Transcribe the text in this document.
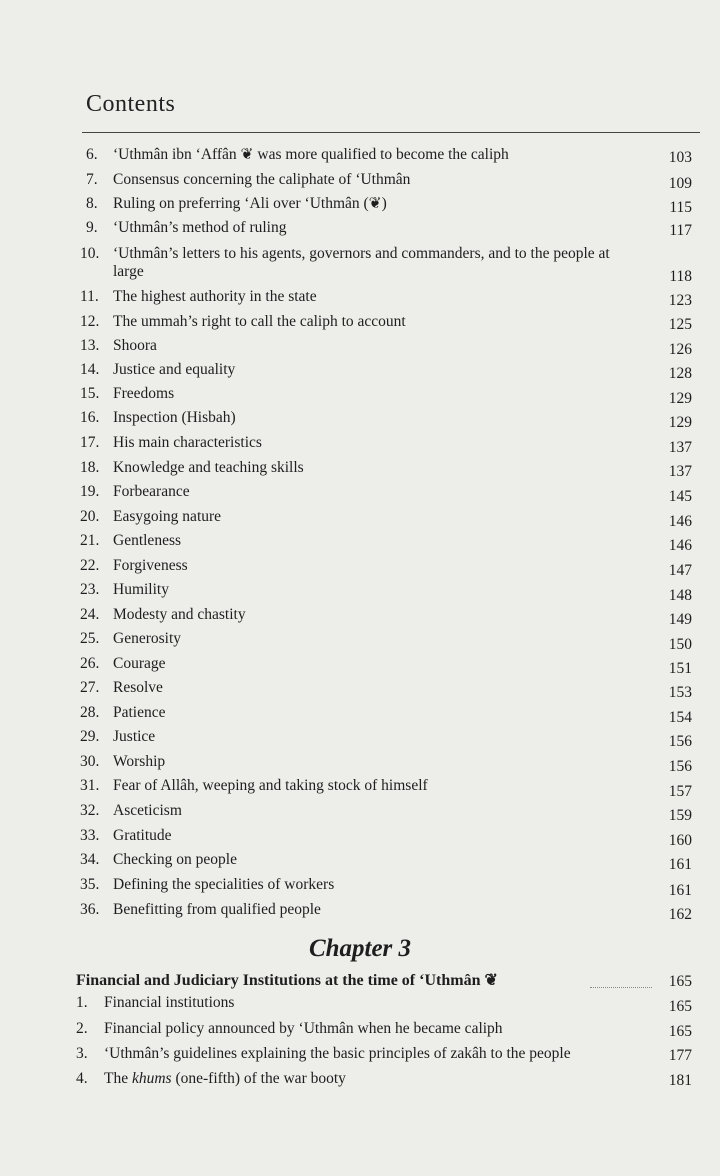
Contents
6. ‘Uthmân ibn ‘Affân ❦ was more qualified to become the caliph	103
7. Consensus concerning the caliphate of ‘Uthmân	109
8. Ruling on preferring ‘Ali over ‘Uthmân (❦)	115
9. ‘Uthmân’s method of ruling	117
10. ‘Uthmân’s letters to his agents, governors and commanders, and to the people at large	118
11. The highest authority in the state	123
12. The ummah’s right to call the caliph to account	125
13. Shoora	126
14. Justice and equality	128
15. Freedoms	129
16. Inspection (Hisbah)	129
17. His main characteristics	137
18. Knowledge and teaching skills	137
19. Forbearance	145
20. Easygoing nature	146
21. Gentleness	146
22. Forgiveness	147
23. Humility	148
24. Modesty and chastity	149
25. Generosity	150
26. Courage	151
27. Resolve	153
28. Patience	154
29. Justice	156
30. Worship	156
31. Fear of Allâh, weeping and taking stock of himself	157
32. Asceticism	159
33. Gratitude	160
34. Checking on people	161
35. Defining the specialities of workers	161
36. Benefitting from qualified people	162
Chapter 3
Financial and Judiciary Institutions at the time of ‘Uthmân ❦	165
1. Financial institutions	165
2. Financial policy announced by ‘Uthmân when he became caliph	165
3. ‘Uthmân’s guidelines explaining the basic principles of zakâh to the people	177
4. The khums (one-fifth) of the war booty	181
